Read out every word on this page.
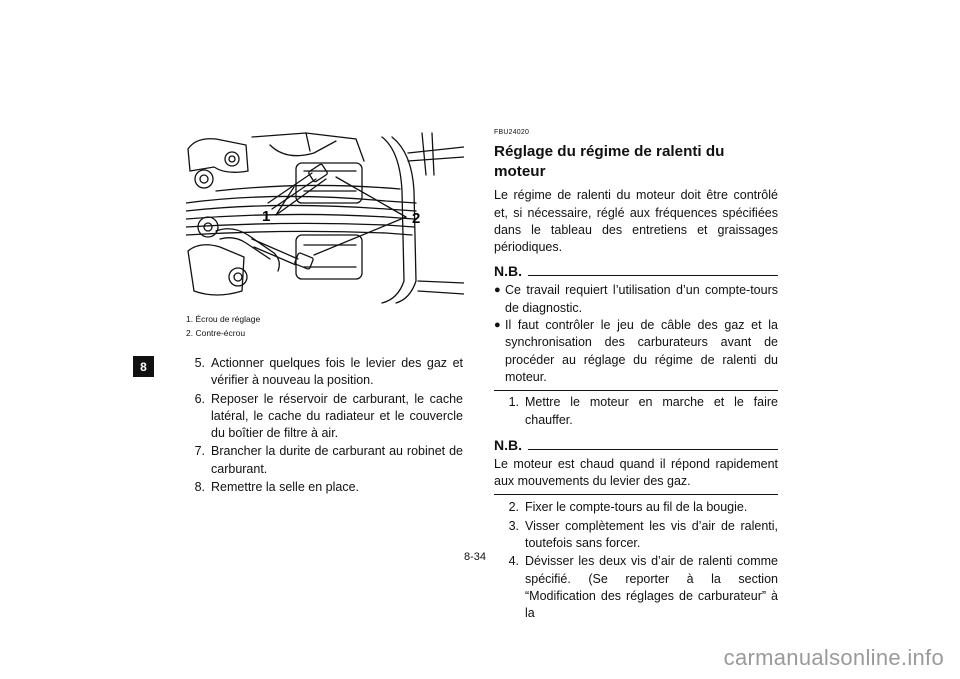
8
1	2
1. Écrou de réglage
2. Contre-écrou
5. Actionner quelques fois le levier des gaz et vérifier à nouveau la position.
6. Reposer le réservoir de carburant, le cache latéral, le cache du radiateur et le couvercle du boîtier de filtre à air.
7. Brancher la durite de carburant au robinet de carburant.
8. Remettre la selle en place.
FBU24020
Réglage du régime de ralenti du moteur
Le régime de ralenti du moteur doit être contrôlé et, si nécessaire, réglé aux fréquences spécifiées dans le tableau des entretiens et graissages périodiques.
N.B.
● Ce travail requiert l’utilisation d’un compte-tours de diagnostic.
● Il faut contrôler le jeu de câble des gaz et la synchronisation des carburateurs avant de procéder au réglage du régime de ralenti du moteur.
1. Mettre le moteur en marche et le faire chauffer.
N.B.
Le moteur est chaud quand il répond rapidement aux mouvements du levier des gaz.
2. Fixer le compte-tours au fil de la bougie.
3. Visser complètement les vis d’air de ralenti, toutefois sans forcer.
4. Dévisser les deux vis d’air de ralenti comme spécifié. (Se reporter à la section “Modification des réglages de carburateur” à la
8-34
carmanualsonline.info
